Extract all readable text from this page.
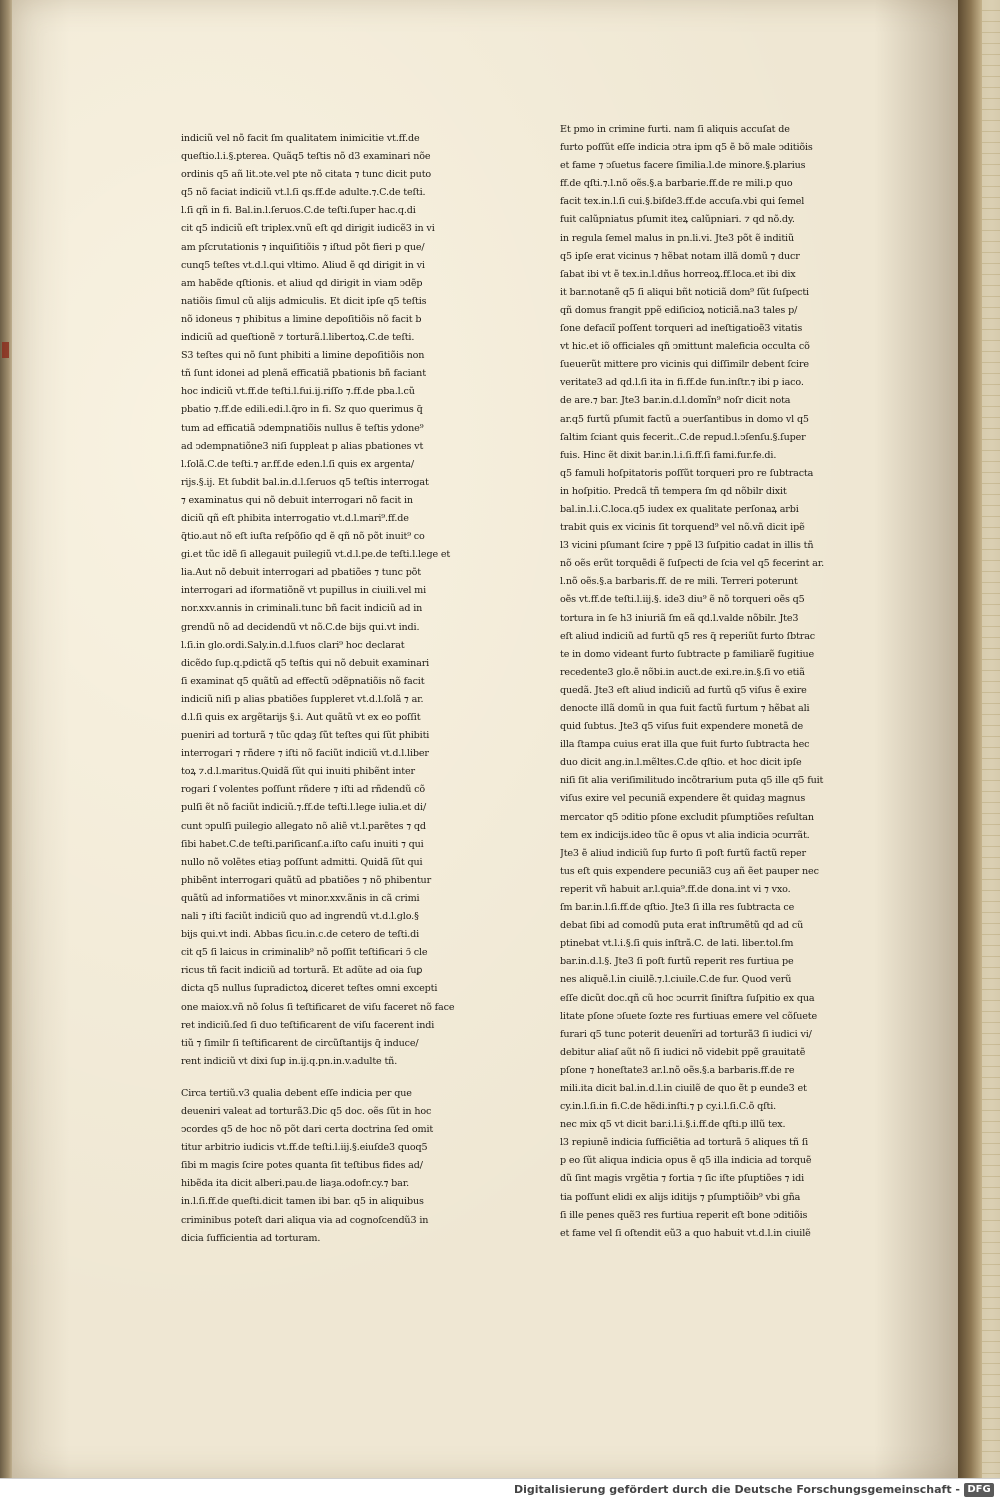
indiciũ vel nõ facit ſm qualitatem inimicitie vt.ff.de
queſtio.l.i.§.pterea. Quãq5 teſtis nõ d3 examinari nõe
ordinis q5 añ lit.ↄte.vel pte nõ citata ⁊ tunc dicit puto
q5 nõ faciat indiciũ vt.l.ſi qs.ff.de adulte.⁊.C.de teſti.
l.ſi qñ in fi. Bal.in.l.ſeruos.C.de teſti.ſuper hac.q.di
cit q5 indiciũ eſt triplex.vnũ eſt qd dirigit iudicẽ3 in vi
am pſcrutationis ⁊ inquiſitiõis ⁊ iſtud põt fieri p que/
cunq5 teſtes vt.d.l.qui vltimo. Aliud ẽ qd dirigit in vi
am habẽde qſtionis. et aliud qd dirigit in viam ↄdẽp
natiõis ſimul cũ alijs admiculis. Et dicit ipſe q5 teſtis
nõ idoneus ⁊ phibitus a limine depoſitiõis nõ facit b
indiciũ ad queſtionẽ ⁊ torturã.l.libertoꝝ.C.de teſti.
S3 teſtes qui nõ ſunt phibiti a limine depoſitiõis non
tñ ſunt idonei ad plenã efficatiã pbationis bñ faciant
hoc indiciũ vt.ff.de teſti.l.fui.ij.riſſo ⁊.ff.de pba.l.cũ
pbatio ⁊.ff.de edili.edi.l.q̃ro in fi. Sz quo querimus q̃
tum ad efficatiã ↄdempnatiõis nullus ẽ teſtis ydone⁹
ad ↄdempnatiõne3 niſi ſuppleat p alias pbationes vt
l.ſolã.C.de teſti.⁊ ar.ff.de eden.l.ſi quis ex argenta/
rijs.§.ij. Et ſubdit bal.in.d.l.ſeruos q5 teſtis interrogat
⁊ examinatus qui nõ debuit interrogari nõ facit in
diciũ qñ eſt phibita interrogatio vt.d.l.mari⁹.ff.de
q̃tio.aut nõ eſt iuſta reſpõſio qd ẽ qñ nõ põt inuit⁹ co
gi.et tũc idẽ ſi allegauit puilegiũ vt.d.l.pe.de teſti.l.lege et
lia.Aut nõ debuit interrogari ad pbatiões ⁊ tunc põt
interrogari ad iformatiõnẽ vt pupillus in ciuili.vel mi
nor.xxv.annis in criminali.tunc bñ facit indiciũ ad in
grendũ nõ ad decidendũ vt nõ.C.de bijs qui.vt indi.
l.ſi.in glo.ordi.Saly.in.d.l.fuos clari⁹ hoc declarat
dicẽdo ſup.q.pdictã q5 teſtis qui nõ debuit examinari
ſi examinat q5 quãtũ ad effectũ ↄdẽpnatiõis nõ facit
indiciũ niſi p alias pbatiões ſuppleret vt.d.l.ſolã ⁊ ar.
d.l.ſi quis ex argẽtarijs §.i. Aut quãtũ vt ex eo poſſit
pueniri ad torturã ⁊ tũc qdaȝ ſũt teſtes qui ſũt phibiti
interrogari ⁊ rñdere ⁊ iſti nõ faciũt indiciũ vt.d.l.liber
toꝝ ⁊.d.l.maritus.Quidã ſũt qui inuiti phibẽnt inter
rogari ſ volentes poſſunt rñdere ⁊ iſti ad rñdendũ cõ
pulſi ẽt nõ faciũt indiciũ.⁊.ff.de teſti.l.lege iulia.et di/
cunt ↄpulſi puilegio allegato nõ aliẽ vt.l.parẽtes ⁊ qd
ſibi habet.C.de teſti.pariſicanſ.a.iſto caſu inuiti ⁊ qui
nullo nõ volẽtes etiaȝ poſſunt admitti. Quidã ſũt qui
phibẽnt interrogari quãtũ ad pbatiões ⁊ nõ phibentur
quãtũ ad informatiões vt minor.xxv.ãnis in cã crimi
nali ⁊ iſti faciũt indiciũ quo ad ingrendũ vt.d.l.glo.§
bijs qui.vt indi. Abbas ſicu.in.c.de cetero de teſti.di
cit q5 ſi laicus in criminalib⁹ nõ poſſit teſtificari ↄ̃ cle
ricus tñ facit indiciũ ad torturã. Et adũte ad oia ſuꝑ
dicta q5 nullus ſupradictoꝝ diceret teſtes omni excepti
one maiox.vñ nõ ſolus ſi teſtificaret de viſu faceret nõ face
ret indiciũ.ſed ſi duo teſtificarent de viſu facerent indi
tiũ ⁊ ſimilr ſi teſtificarent de circũſtantijs q̃ induce/
rent indiciũ vt dixi ſuꝑ in.ij.q.pn.in.v.adulte tñ.
Circa tertiũ.v3 qualia debent eſſe indicia per que
deueniri valeat ad torturã3.Dic q5 doc. oẽs ſũt in hoc
ↄcordes q5 de hoc nõ põt dari certa doctrina ſed omit
titur arbitrio iudicis vt.ff.de teſti.l.iij.§.eiuſde3 quoq5
ſibi m magis ſcire potes quanta ſit teſtibus fides ad/
hibẽda ita dicit alberi.pau.de liaȝa.odofr.cy.⁊ bar.
in.l.ſi.ff.de queſti.dicit tamen ibi bar. q5 in aliquibus
criminibus poteſt dari aliqua via ad cognoſcendũ3 in
dicia ſufficientia ad torturam.
Et pmo in crimine furti. nam ſi aliquis accuſat de
furto poſſũt eſſe indicia ↄtra ipm q5 ẽ bõ male ↄditiõis
et fame ⁊ ↄſuetus facere ſimilia.l.de minore.§.plarius
ff.de qſti.⁊.l.nõ oẽs.§.a barbarie.ff.de re mili.p quo
facit tex.in.l.ſi cui.§.biſde3.ff.de accuſa.vbi qui ſemel
fuit calũpniatus pſumit iteꝝ calũpniari. ⁊ qd nõ.dy.
in regula ſemel malus in pn.li.vi. Jte3 põt ẽ inditiũ
q5 ipſe erat vicinus ⁊ hẽbat notam illã domũ ⁊ ducr
ſabat ibi vt ẽ tex.in.l.dñus horreoꝝ.ff.loca.et ibi dix
it bar.notanẽ q5 ſi aliqui bñt noticiã dom⁹ ſũt ſuſpecti
qñ domus frangit ppẽ ediſicioꝝ noticiã.na3 tales p/
ſone defaciĩ poſſent torqueri ad ineſtigatioẽ3 vitatis
vt hic.et iõ officiales qñ ↄmittunt maleficia occulta cõ
ſueuerũt mittere pro vicinis qui diſſimilr debent ſcire
veritate3 ad qd.l.ſi ita in fi.ff.de fun.inſtr.⁊ ibi p iaco.
de are.⁊ bar. Jte3 bar.in.d.l.domĩn⁹ noſr dicit nota
ar.q5 furtũ pſumit factũ a ↄuerſantibus in domo vl q5
ſaltim ſciant quis fecerit..C.de repud.l.ↄſenſu.§.ſuper
fuis. Hinc ẽt dixit bar.in.l.i.ſi.ff.ſi fami.fur.fe.di.
q5 famuli hoſpitatoris poſſũt torqueri pro re ſubtracta
in hoſpitio. Predcã tñ tempera ſm qd nõbilr dixit
bal.in.l.i.C.loca.q5 iudex ex qualitate perſonaꝝ arbi
trabit quis ex vicinis ſit torquend⁹ vel nõ.vñ dicit ipẽ
l3 vicini pſumant ſcire ⁊ ppẽ l3 ſuſpitio cadat in illis tñ
nõ oẽs erũt torquẽdi ẽ ſuſpecti de ſcia vel q5 fecerint ar.
l.nõ oẽs.§.a barbaris.ff. de re mili. Terreri poterunt
oẽs vt.ff.de teſti.l.iij.§. ide3 diu⁹ ẽ nõ torqueri oẽs q5
tortura in ſe h3 iniuriã ſm eã qd.l.valde nõbilr. Jte3
eſt aliud indiciũ ad furtũ q5 res q̃ reperiũt furto ſbtrac
te in domo videant furto ſubtracte p familiarẽ fugitiue
recedente3 glo.ẽ nõbi.in auct.de exi.re.in.§.ſi vo etiã
quedã. Jte3 eſt aliud indiciũ ad furtũ q5 viſus ẽ exire
denocte illã domũ in qua fuit factũ furtum ⁊ hẽbat ali
quid ſubtus. Jte3 q5 viſus fuit expendere monetã de
illa ſtampa cuius erat illa que fuit furto ſubtracta hec
duo dicit ang.in.l.mẽltes.C.de qſtio. et hoc dicit ipſe
niſi ſit alia veriſimilitudo incõtrarium puta q5 ille q5 fuit
viſus exire vel pecuniã expendere ẽt quidaȝ magnus
mercator q5 ↄditio pſone excludit pſumptiões reſultan
tem ex indicijs.ideo tũc ẽ opus vt alia indicia ↄcurrãt.
Jte3 ẽ aliud indiciũ ſup furto ſi poſt furtũ factũ reper
tus eſt quis expendere pecuniã3 cuȝ añ ẽet pauper nec
reperit vñ habuit ar.l.quia⁹.ff.de dona.int vi ⁊ vxo.
ſm bar.in.l.ſi.ff.de qſtio. Jte3 ſi illa res ſubtracta ce
debat ſibi ad comodũ puta erat inſtrumẽtũ qd ad cũ
ptinebat vt.l.i.§.ſi quis inſtrã.C. de lati. liber.tol.ſm
bar.in.d.l.§. Jte3 ſi poſt furtũ reperit res furtiua pe
nes aliquẽ.l.in ciuilẽ.⁊.l.ciuile.C.de fur. Quod verũ
eſſe dicũt doc.qñ cũ hoc ↄcurrit ſiniſtra ſuſpitio ex qua
litate pſone ↄſuete ſozte res furtiuas emere vel cõſuete
furari q5 tunc poterit deuenĩri ad torturã3 ſi iudici vi/
debitur aliaſ aũt nõ ſi iudici nõ videbit ppẽ grauitatẽ
pſone ⁊ honeſtate3 ar.l.nõ oẽs.§.a barbaris.ff.de re
mili.ita dicit bal.in.d.l.in ciuilẽ de quo ẽt p eunde3 et
cy.in.l.ſi.in fi.C.de hẽdi.inſti.⁊ p cy.i.l.ſi.C.õ qſti.
nec mix q5 vt dicit bar.i.l.i.§.i.ff.de qſti.p illũ tex.
l3 repiunẽ indicia ſufficiẽtia ad torturã ↄ̃ aliques tñ ſi
p eo ſũt aliqua indicia opus ẽ q5 illa indicia ad torquẽ
dũ ſint magis vrgẽtia ⁊ fortia ⁊ ſic iſte pſuptiões ⁊ idi
tia poſſunt elidi ex alijs iditijs ⁊ pſumptiõib⁹ vbi gña
ſi ille penes quẽ3 res furtiua reperit eſt bone ↄditiõis
et fame vel ſi oſtendit eũ3 a quo habuit vt.d.l.in ciuilẽ
Digitalisierung gefördert durch die Deutsche Forschungsgemeinschaft - DFG
